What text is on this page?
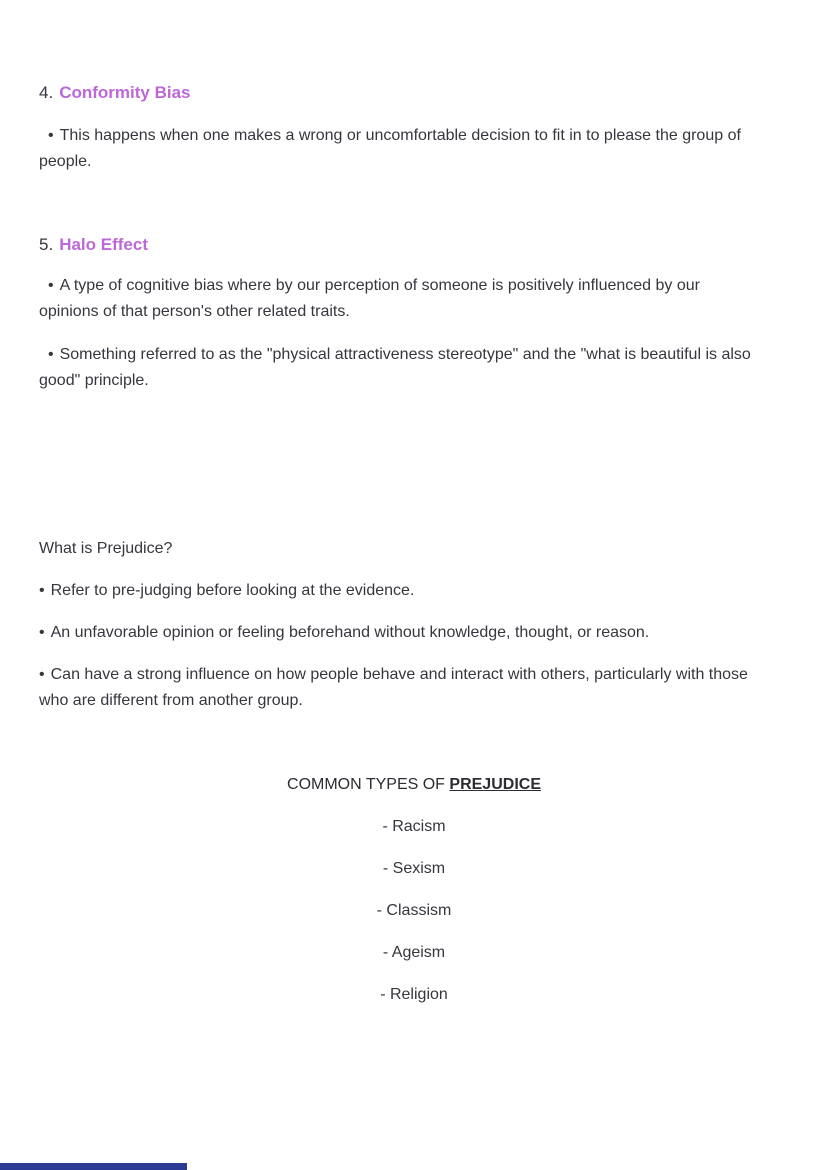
4. Conformity Bias

• This happens when one makes a wrong or uncomfortable decision to fit in to please the group of people.

5. Halo Effect

• A type of cognitive bias where by our perception of someone is positively influenced by our opinions of that person's other related traits.

• Something referred to as the "physical attractiveness stereotype" and the "what is beautiful is also good" principle.

What is Prejudice?

• Refer to pre-judging before looking at the evidence.

• An unfavorable opinion or feeling beforehand without knowledge, thought, or reason.

• Can have a strong influence on how people behave and interact with others, particularly with those who are different from another group.

COMMON TYPES OF PREJUDICE

- Racism

- Sexism

- Classism

- Ageism

- Religion
